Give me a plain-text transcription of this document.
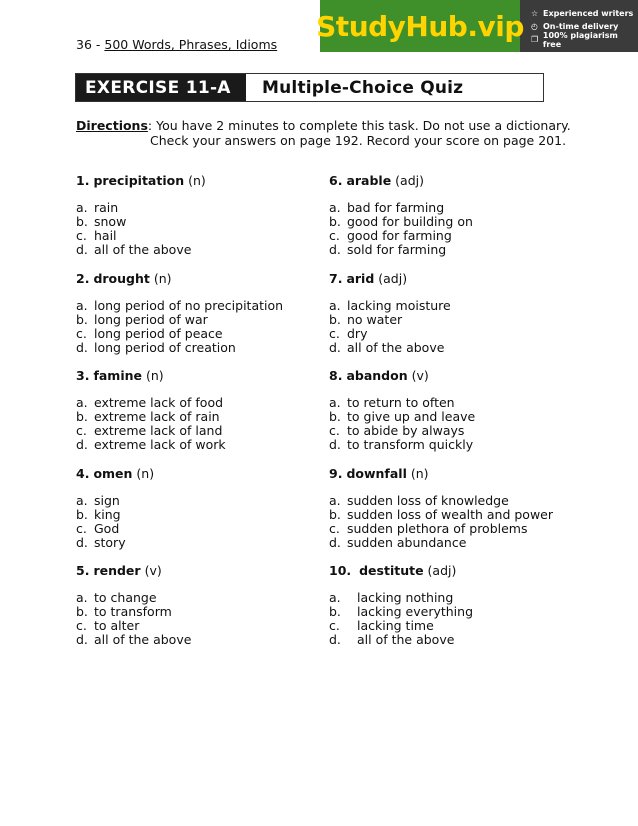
36 - 500 Words, Phrases, Idioms
StudyHub.vip ☆ Experienced writers
◴ On-time delivery
❐ 100% plagiarism free
EXERCISE 11-A	Multiple-Choice Quiz
Directions: You have 2 minutes to complete this task. Do not use a dictionary.
Check your answers on page 192. Record your score on page 201.
1. precipitation (n)
a. rain
b. snow
c. hail
d. all of the above
2. drought (n)
a. long period of no precipitation
b. long period of war
c. long period of peace
d. long period of creation
3. famine (n)
a. extreme lack of food
b. extreme lack of rain
c. extreme lack of land
d. extreme lack of work
4. omen (n)
a. sign
b. king
c. God
d. story
5. render (v)
a. to change
b. to transform
c. to alter
d. all of the above
6. arable (adj)
a. bad for farming
b. good for building on
c. good for farming
d. sold for farming
7. arid (adj)
a. lacking moisture
b. no water
c. dry
d. all of the above
8. abandon (v)
a. to return to often
b. to give up and leave
c. to abide by always
d. to transform quickly
9. downfall (n)
a. sudden loss of knowledge
b. sudden loss of wealth and power
c. sudden plethora of problems
d. sudden abundance
10. destitute (adj)
a. lacking nothing
b. lacking everything
c. lacking time
d. all of the above
